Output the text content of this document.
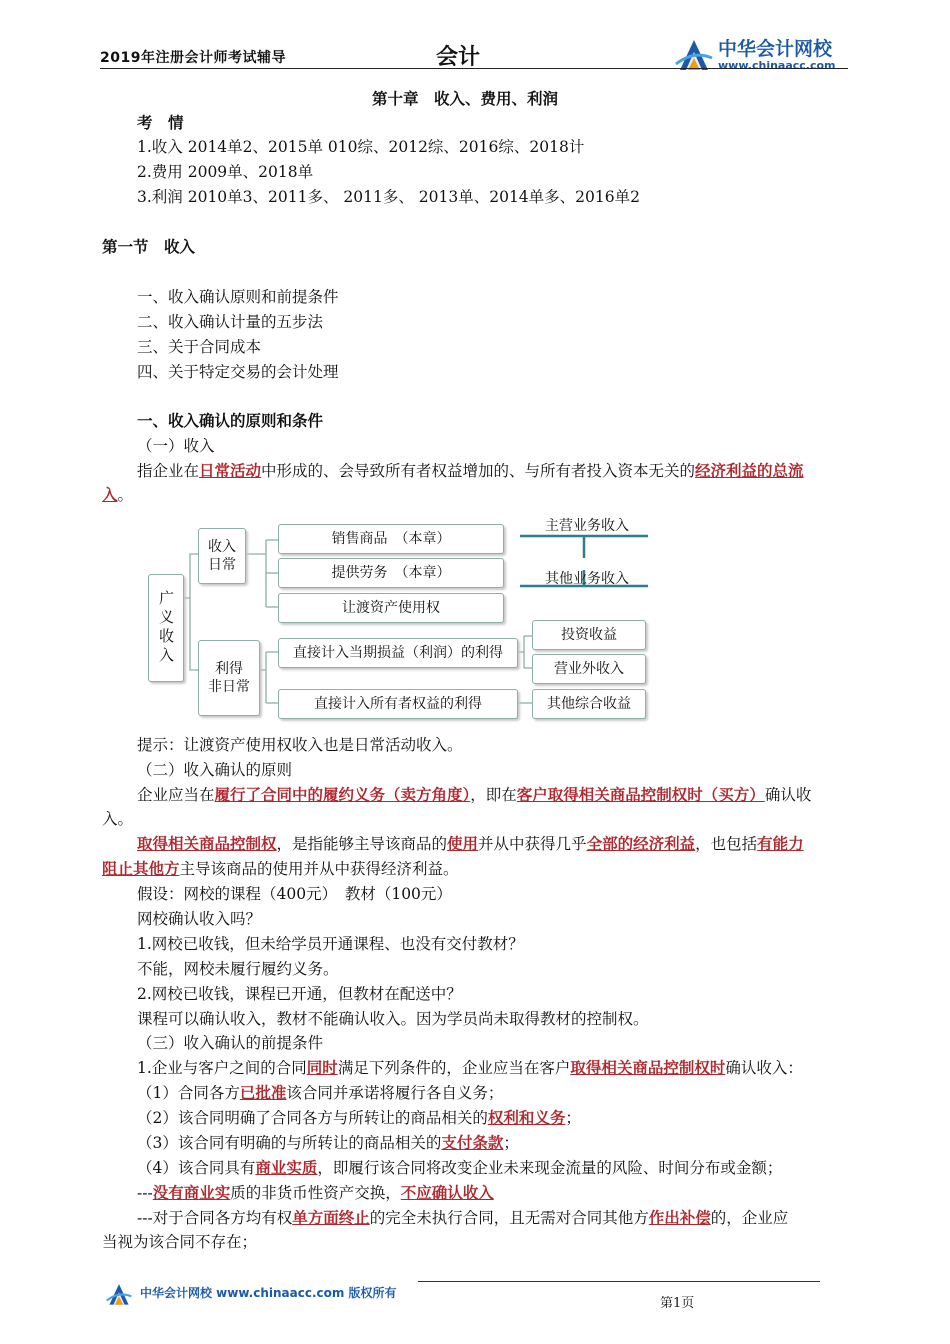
2019年注册会计师考试辅导	会计	中华会计网校
www.chinaacc.com
第十章　收入、费用、利润
考　情
1.收入 2014单2、2015单 010综、2012综、2016综、2018计
2.费用 2009单、2018单
3.利润 2010单3、2011多、 2011多、 2013单、2014单多、2016单2
第一节　收入
一、收入确认原则和前提条件
二、收入确认计量的五步法
三、关于合同成本
四、关于特定交易的会计处理
一、收入确认的原则和条件
（一）收入
指企业在日常活动中形成的、会导致所有者权益增加的、与所有者投入资本无关的经济利益的总流
入。
广义收入
收入
日常
利得
非日常
销售商品　（本章）
提供劳务　（本章）
让渡资产使用权
直接计入当期损益（利润）的利得
直接计入所有者权益的利得
主营业务收入
其他业务收入
投资收益
营业外收入
其他综合收益
提示：让渡资产使用权收入也是日常活动收入。
（二）收入确认的原则
企业应当在履行了合同中的履约义务（卖方角度），即在客户取得相关商品控制权时（买方）确认收
入。
取得相关商品控制权，是指能够主导该商品的使用并从中获得几乎全部的经济利益，也包括有能力
阻止其他方主导该商品的使用并从中获得经济利益。
假设：网校的课程（400元）　教材（100元）
网校确认收入吗？
1.网校已收钱，但未给学员开通课程、也没有交付教材？
不能，网校未履行履约义务。
2.网校已收钱，课程已开通，但教材在配送中？
课程可以确认收入，教材不能确认收入。因为学员尚未取得教材的控制权。
（三）收入确认的前提条件
1.企业与客户之间的合同同时满足下列条件的，企业应当在客户取得相关商品控制权时确认收入：
（1）合同各方已批准该合同并承诺将履行各自义务；
（2）该合同明确了合同各方与所转让的商品相关的权利和义务；
（3）该合同有明确的与所转让的商品相关的支付条款；
（4）该合同具有商业实质，即履行该合同将改变企业未来现金流量的风险、时间分布或金额；
---没有商业实质的非货币性资产交换，不应确认收入
---对于合同各方均有权单方面终止的完全未执行合同，且无需对合同其他方作出补偿的，企业应
当视为该合同不存在；
中华会计网校 www.chinaacc.com 版权所有
第1页
